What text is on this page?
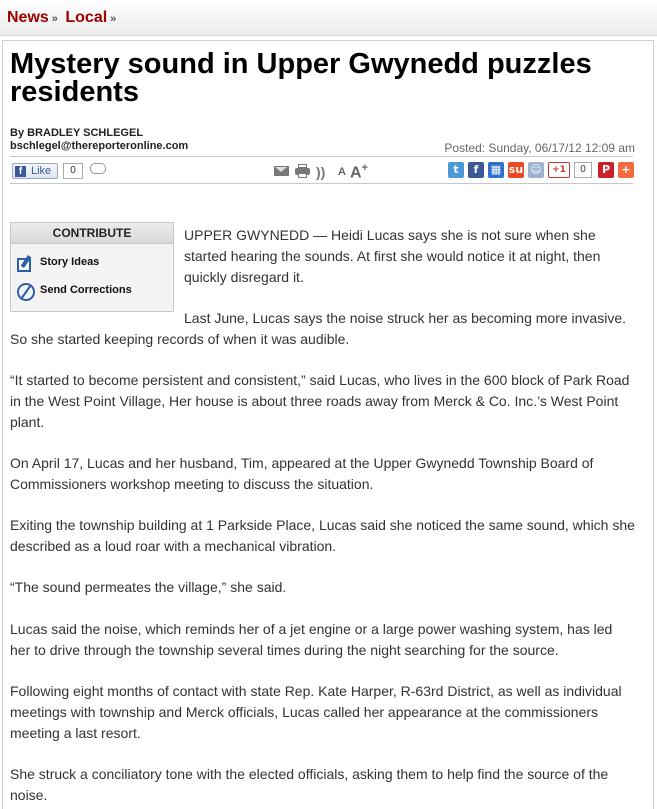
News » Local »
Mystery sound in Upper Gwynedd puzzles residents
By BRADLEY SCHLEGEL
bschlegel@thereporteronline.com	Posted: Sunday, 06/17/12 12:09 am
f Like	0	)) A A+	t	f	▦ su ☺	+1	0	P	+
CONTRIBUTE
Story Ideas
Send Corrections

UPPER GWYNEDD — Heidi Lucas says she is not sure when she started hearing the sounds. At first she would notice it at night, then quickly disregard it.

Last June, Lucas says the noise struck her as becoming more invasive. So she started keeping records of when it was audible.

“It started to become persistent and consistent,” said Lucas, who lives in the 600 block of Park Road in the West Point Village, Her house is about three roads away from Merck & Co. Inc.’s West Point plant.

On April 17, Lucas and her husband, Tim, appeared at the Upper Gwynedd Township Board of Commissioners workshop meeting to discuss the situation.

Exiting the township building at 1 Parkside Place, Lucas said she noticed the same sound, which she described as a loud roar with a mechanical vibration.

“The sound permeates the village,” she said.

Lucas said the noise, which reminds her of a jet engine or a large power washing system, has led her to drive through the township several times during the night searching for the source.

Following eight months of contact with state Rep. Kate Harper, R-63rd District, as well as individual meetings with township and Merck officials, Lucas called her appearance at the commissioners meeting a last resort.

She struck a conciliatory tone with the elected officials, asking them to help find the source of the noise.
